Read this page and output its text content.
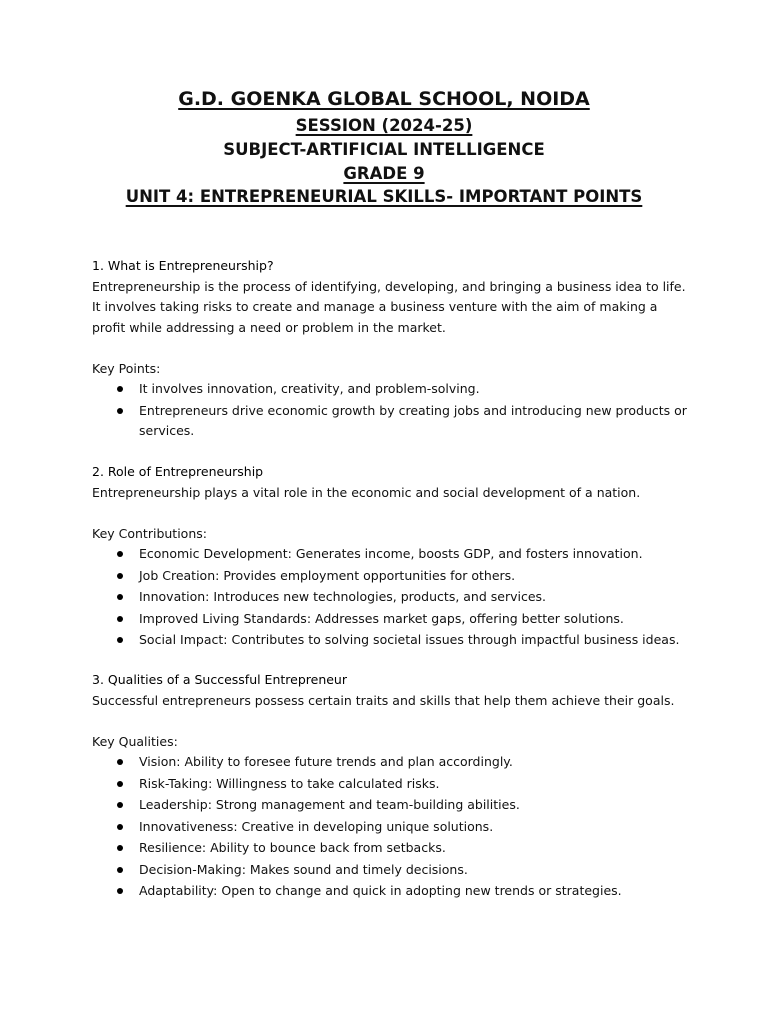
G.D. GOENKA GLOBAL SCHOOL, NOIDA
SESSION (2024-25)
SUBJECT-ARTIFICIAL INTELLIGENCE
GRADE 9
UNIT 4: ENTREPRENEURIAL SKILLS- IMPORTANT POINTS
1. What is Entrepreneurship?

Entrepreneurship is the process of identifying, developing, and bringing a business idea to life. It involves taking risks to create and manage a business venture with the aim of making a profit while addressing a need or problem in the market.

Key Points:
It involves innovation, creativity, and problem-solving.
Entrepreneurs drive economic growth by creating jobs and introducing new products or services.
2. Role of Entrepreneurship

Entrepreneurship plays a vital role in the economic and social development of a nation.

Key Contributions:
Economic Development: Generates income, boosts GDP, and fosters innovation.
Job Creation: Provides employment opportunities for others.
Innovation: Introduces new technologies, products, and services.
Improved Living Standards: Addresses market gaps, offering better solutions.
Social Impact: Contributes to solving societal issues through impactful business ideas.
3. Qualities of a Successful Entrepreneur

Successful entrepreneurs possess certain traits and skills that help them achieve their goals.

Key Qualities:
Vision: Ability to foresee future trends and plan accordingly.
Risk-Taking: Willingness to take calculated risks.
Leadership: Strong management and team-building abilities.
Innovativeness: Creative in developing unique solutions.
Resilience: Ability to bounce back from setbacks.
Decision-Making: Makes sound and timely decisions.
Adaptability: Open to change and quick in adopting new trends or strategies.
